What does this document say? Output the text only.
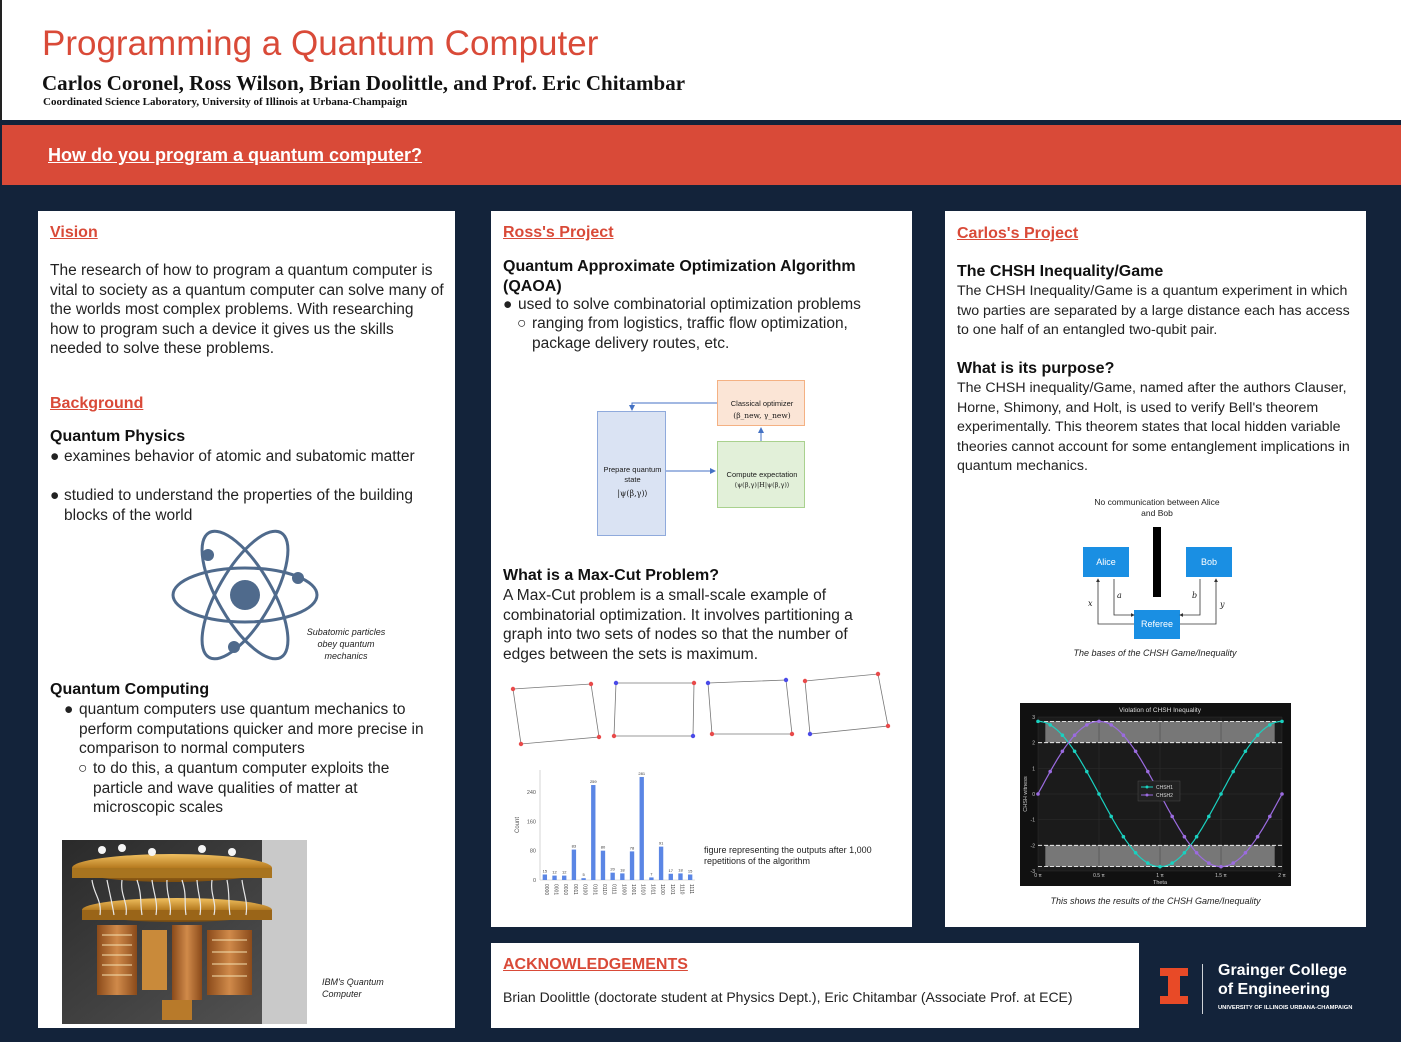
Programming a Quantum Computer
Carlos Coronel, Ross Wilson, Brian Doolittle, and Prof. Eric Chitambar
Coordinated Science Laboratory, University of Illinois at Urbana-Champaign
How do you program a quantum computer?
Vision
The research of how to program a quantum computer is vital to society as a quantum computer can solve many of the worlds most complex problems. With researching how to program such a device it gives us the skills needed to solve these problems.
Background
Quantum Physics
● examines behavior of atomic and subatomic matter
● studied to understand the properties of the building blocks of the world
Subatomic particles obey quantum mechanics
Quantum Computing
● quantum computers use quantum mechanics to perform computations quicker and more precise in comparison to normal computers
○ to do this, a quantum computer exploits the particle and wave qualities of matter at microscopic scales
IBM's Quantum Computer
Ross's Project
Quantum Approximate Optimization Algorithm (QAOA)
● used to solve combinatorial optimization problems
○ ranging from logistics, traffic flow optimization, package delivery routes, etc.
Prepare quantum state
|ψ(β,γ)⟩
Classical optimizer
(β_new, γ_new)
Compute expectation
⟨ψ(β,γ)|H|ψ(β,γ)⟩
What is a Max-Cut Problem?
A Max-Cut problem is a small-scale example of combinatorial optimization. It involves partitioning a graph into two sets of nodes so that the number of edges between the sets is maximum.
0
80
160
240
Count
15
0000
12
0001
12
0010
83
0011
5
0100
259
0101
80
0110
20
0111
18
1000
78
1001
281
1010
7
1011
91
1100
17
1101
18
1110
15
1111
figure representing the outputs after 1,000 repetitions of the algorithm
Carlos's Project
The CHSH Inequality/Game
The CHSH Inequality/Game is a quantum experiment in which two parties are separated by a large distance each has access to one half of an entangled two-qubit pair.
What is its purpose?
The CHSH inequality/Game, named after the authors Clauser, Horne, Shimony, and Holt, is used to verify Bell's theorem experimentally. This theorem states that local hidden variable theories cannot account for some entanglement implications in quantum mechanics.
No communication between Alice and Bob
Alice	Bob
Referee
x
a	b
y
The bases of the CHSH Game/Inequality
Violation of CHSH Inequality
-3
-2
-1
0
1
2
3
0 π	0.5 π	1 π	1.5 π	2 π
Theta
CHSH witness	CHSH1
CHSH2
This shows the results of the CHSH Game/Inequality
ACKNOWLEDGEMENTS
Brian Doolittle (doctorate student at Physics Dept.), Eric Chitambar (Associate Prof. at ECE)
Grainger College
of Engineering
UNIVERSITY OF ILLINOIS URBANA-CHAMPAIGN
